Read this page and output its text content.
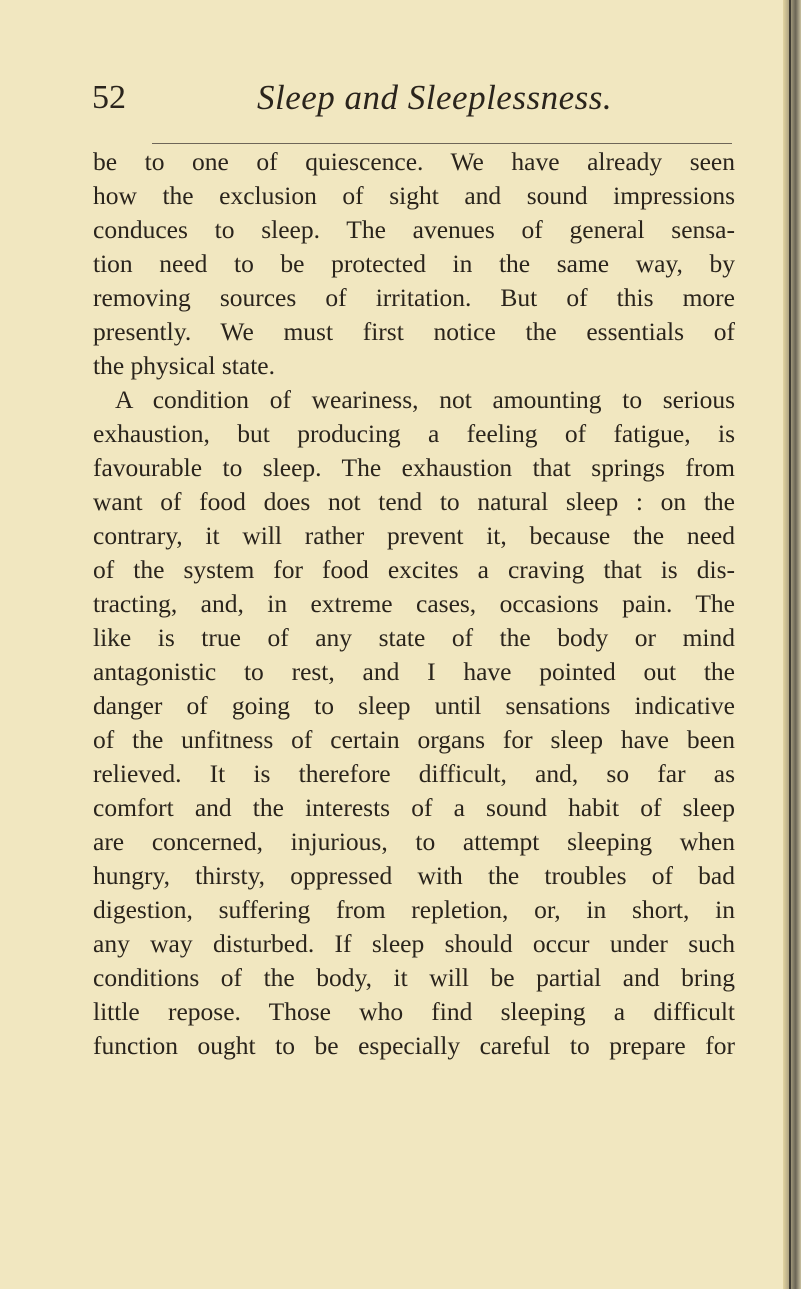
52	Sleep and Sleeplessness.
be to one of quiescence. We have already seen
how the exclusion of sight and sound impressions
conduces to sleep. The avenues of general sensa-
tion need to be protected in the same way, by
removing sources of irritation. But of this more
presently. We must first notice the essentials of
the physical state.
A condition of weariness, not amounting to serious
exhaustion, but producing a feeling of fatigue, is
favourable to sleep. The exhaustion that springs from
want of food does not tend to natural sleep : on the
contrary, it will rather prevent it, because the need
of the system for food excites a craving that is dis-
tracting, and, in extreme cases, occasions pain. The
like is true of any state of the body or mind
antagonistic to rest, and I have pointed out the
danger of going to sleep until sensations indicative
of the unfitness of certain organs for sleep have been
relieved. It is therefore difficult, and, so far as
comfort and the interests of a sound habit of sleep
are concerned, injurious, to attempt sleeping when
hungry, thirsty, oppressed with the troubles of bad
digestion, suffering from repletion, or, in short, in
any way disturbed. If sleep should occur under such
conditions of the body, it will be partial and bring
little repose. Those who find sleeping a difficult
function ought to be especially careful to prepare for
